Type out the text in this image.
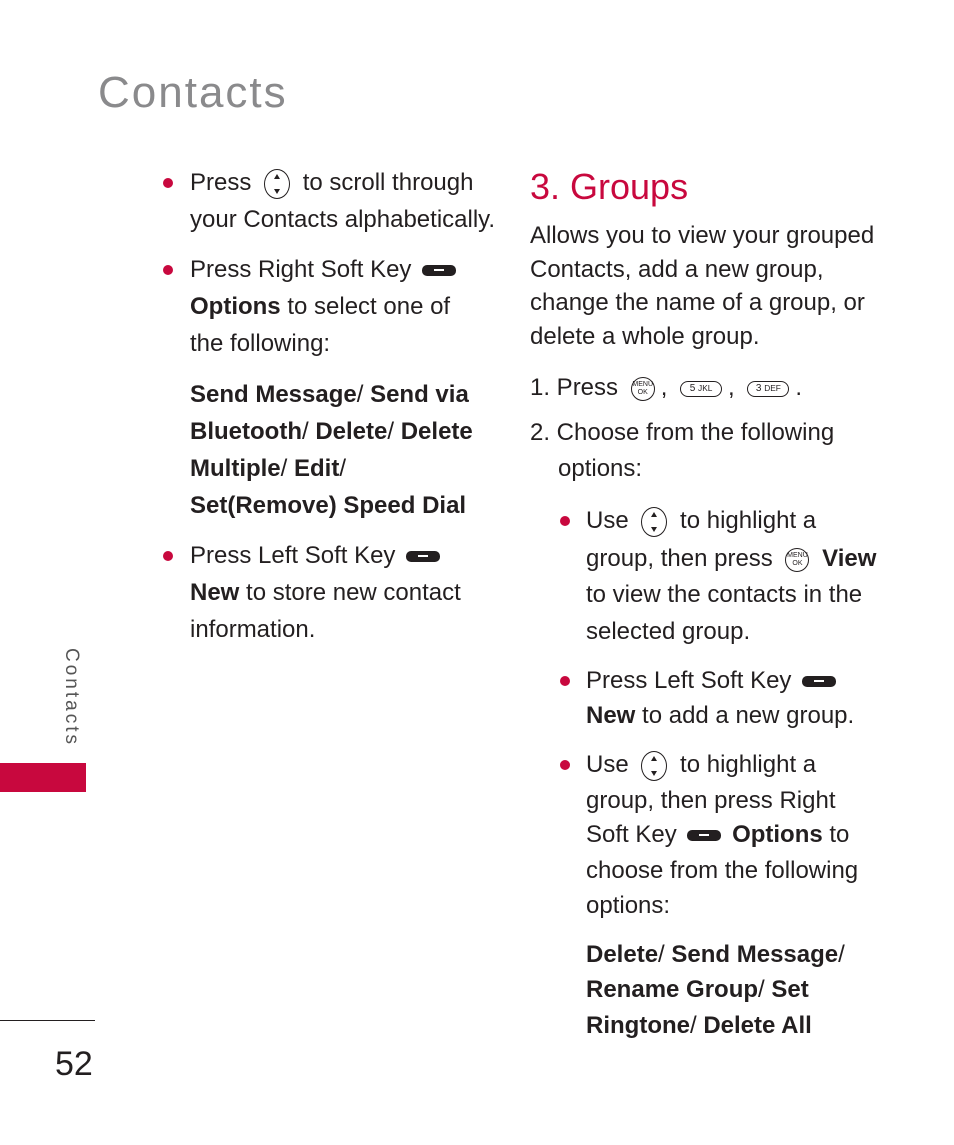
Contacts
Press to scroll through
your Contacts alphabetically.
Press Right Soft Key
Options to select one of
the following:
Send Message/ Send via
Bluetooth/ Delete/ Delete
Multiple/ Edit/
Set(Remove) Speed Dial
Press Left Soft Key
New to store new contact
information.
3. Groups
Allows you to view your grouped
Contacts, add a new group,
change the name of a group, or
delete a whole group.
1. Press MENU
OK , 5 JKL , 3 DEF .
2. Choose from the following
options:
Use to highlight a
group, then press MENU
OK View
to view the contacts in the
selected group.
Press Left Soft Key
New to add a new group.
Use to highlight a
group, then press Right
Soft Key Options to
choose from the following
options:
Delete/ Send Message/
Rename Group/ Set
Ringtone/ Delete All
Contacts
52
